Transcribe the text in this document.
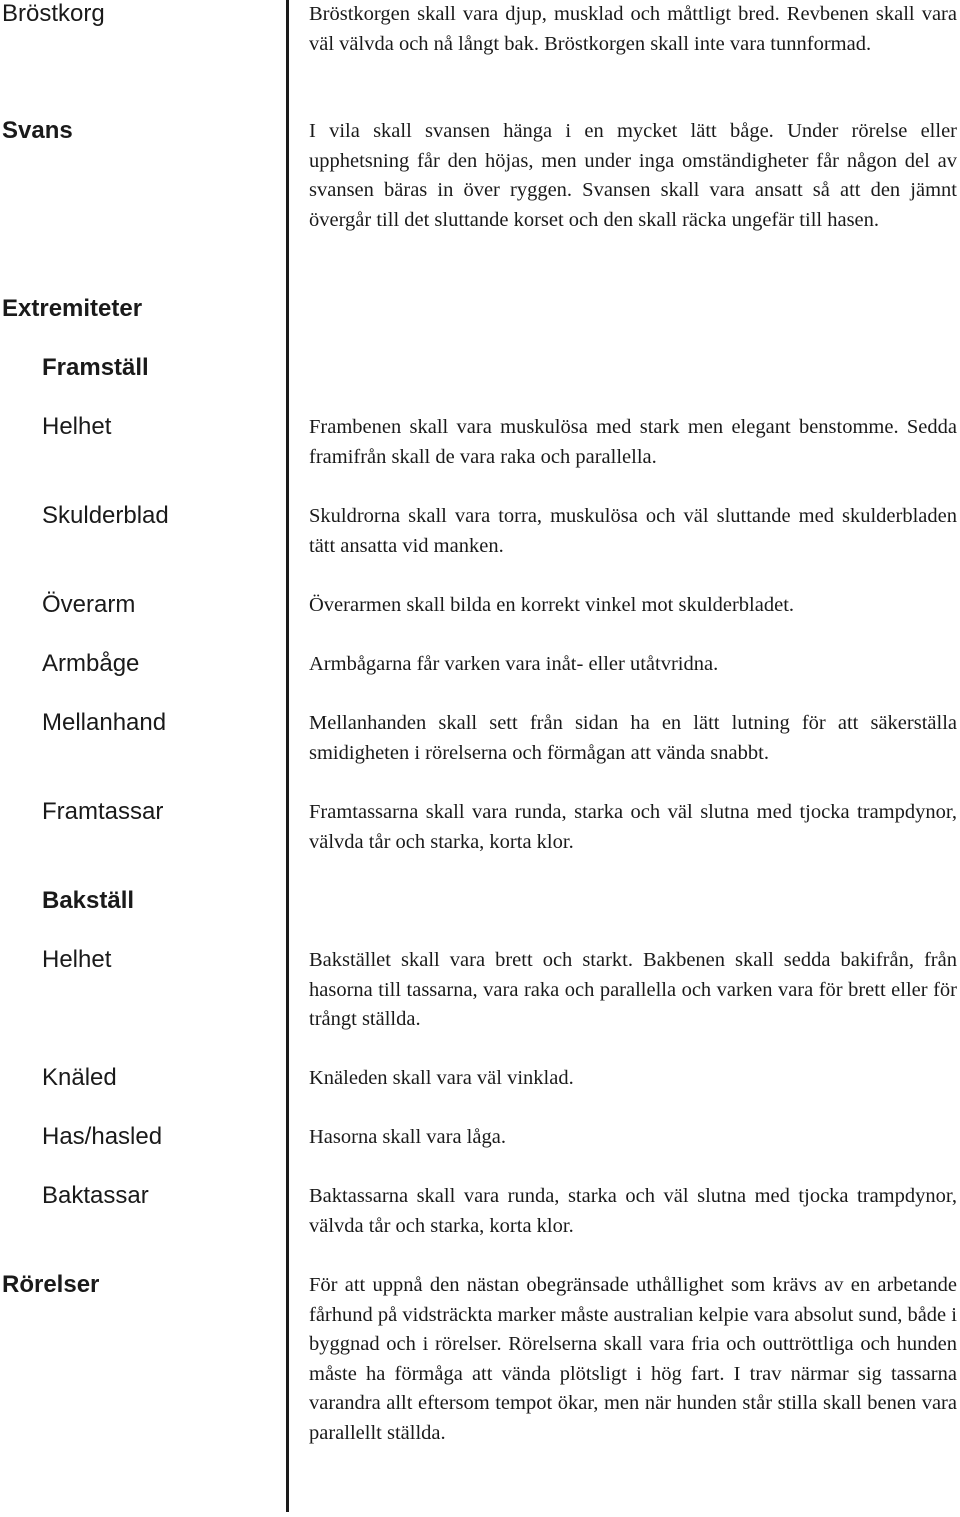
Bröstkorg
Svans
Extremiteter
Framställ
Helhet
Skulderblad
Överarm
Armbåge
Mellanhand
Framtassar
Bakställ
Helhet
Knäled
Has/hasled
Baktassar
Rörelser

Bröstkorgen skall vara djup, musklad och måttligt bred. Revbenen skall vara väl välvda och nå långt bak. Bröstkorgen skall inte vara tunnformad.

I vila skall svansen hänga i en mycket lätt båge. Under rörelse eller upphetsning får den höjas, men under inga omständigheter får någon del av svansen bäras in över ryggen. Svansen skall vara ansatt så att den jämnt övergår till det sluttande korset och den skall räcka ungefär till hasen.

Frambenen skall vara muskulösa med stark men elegant benstomme. Sedda framifrån skall de vara raka och parallella.

Skuldrorna skall vara torra, muskulösa och väl sluttande med skulderbladen tätt ansatta vid manken.

Överarmen skall bilda en korrekt vinkel mot skulderbladet.

Armbågarna får varken vara inåt- eller utåtvridna.

Mellanhanden skall sett från sidan ha en lätt lutning för att säkerställa smidigheten i rörelserna och förmågan att vända snabbt.

Framtassarna skall vara runda, starka och väl slutna med tjocka trampdynor, välvda tår och starka, korta klor.

Bakstället skall vara brett och starkt. Bakbenen skall sedda bakifrån, från hasorna till tassarna, vara raka och parallella och varken vara för brett eller för trångt ställda.

Knäleden skall vara väl vinklad.

Hasorna skall vara låga.

Baktassarna skall vara runda, starka och väl slutna med tjocka trampdynor, välvda tår och starka, korta klor.

För att uppnå den nästan obegränsade uthållighet som krävs av en arbetande fårhund på vidsträckta marker måste australian kelpie vara absolut sund, både i byggnad och i rörelser. Rörelserna skall vara fria och outtröttliga och hunden måste ha förmåga att vända plötsligt i hög fart. I trav närmar sig tassarna varandra allt eftersom tempot ökar, men när hunden står stilla skall benen vara parallellt ställda.
